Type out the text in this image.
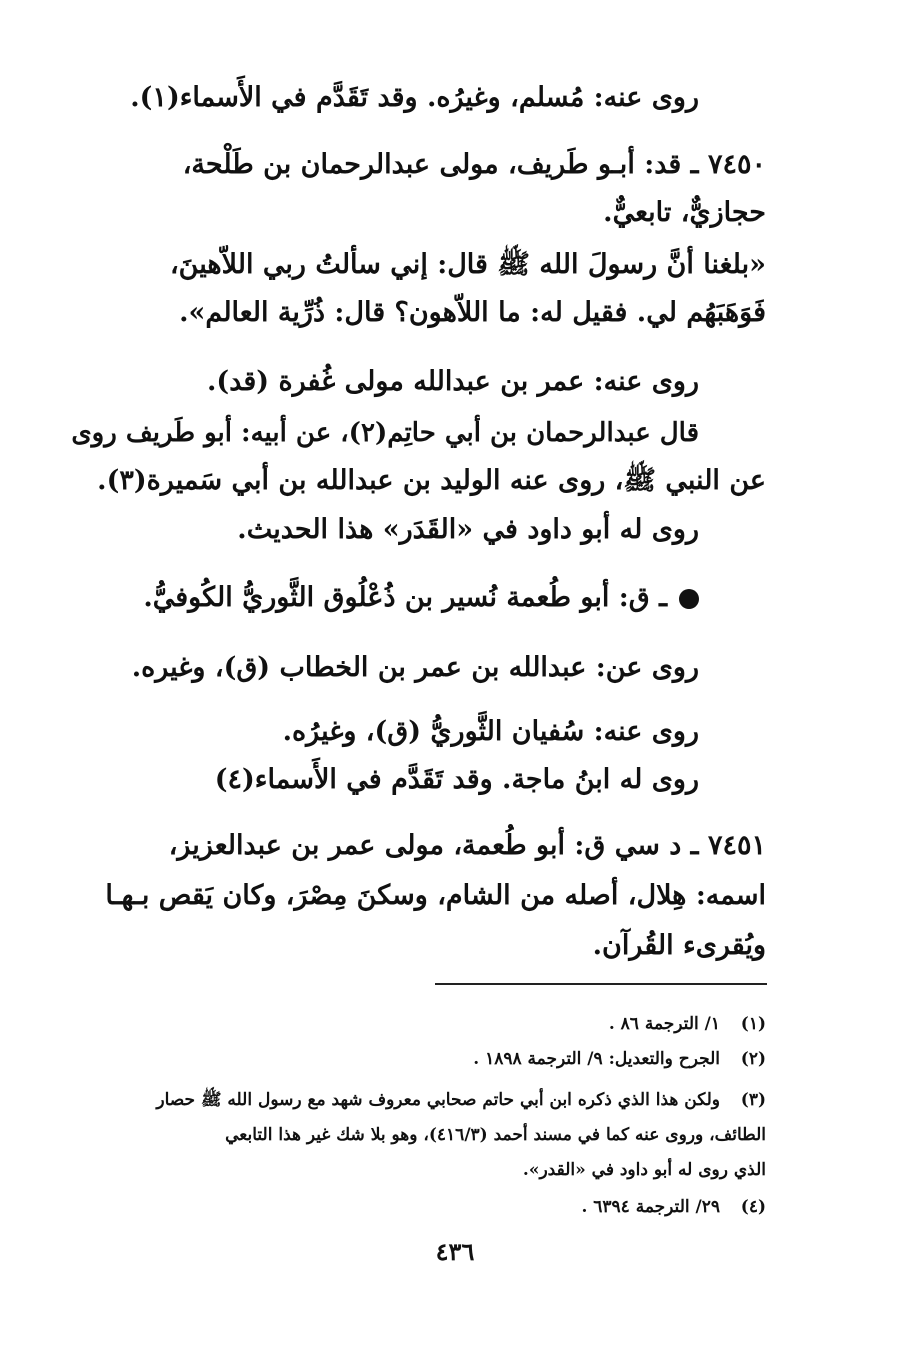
روى عنه: مُسلم، وغيرُه. وقد تَقَدَّم في الأَسماء(١).
٧٤٥٠ ـ قد: أبـو طَريف، مولى عبدالرحمان بن طَلْحة،
حجازيٌّ، تابعيٌّ.
«بلغنا أنَّ رسولَ الله ﷺ قال: إني سألتُ ربي اللاّهينَ،
فَوَهَبَهُم لي. فقيل له: ما اللاّهون؟ قال: ذُرِّية العالم».
روى عنه: عمر بن عبدالله مولى غُفرة (قد).
قال عبدالرحمان بن أبي حاتِم(٢)، عن أبيه: أبو طَريف روى
عن النبي ﷺ، روى عنه الوليد بن عبدالله بن أبي سَميرة(٣).
روى له أبو داود في «القَدَر» هذا الحديث.
ـ ق: أبو طُعمة نُسير بن ذُعْلُوق الثَّوريُّ الكُوفيُّ.
روى عن: عبدالله بن عمر بن الخطاب (ق)، وغيره.
روى عنه: سُفيان الثَّوريُّ (ق)، وغيرُه.
روى له ابنُ ماجة. وقد تَقَدَّم في الأَسماء(٤)
٧٤٥١ ـ د سي ق: أبو طُعمة، مولى عمر بن عبدالعزيز،
اسمه: هِلال، أصله من الشام، وسكنَ مِصْرَ، وكان يَقص بـهـا
ويُقرىء القُرآن.
(١)١/ الترجمة ٨٦ .
(٢)الجرح والتعديل: ٩/ الترجمة ١٨٩٨ .
(٣)ولكن هذا الذي ذكره ابن أبي حاتم صحابي معروف شهد مع رسول الله ﷺ حصار
الطائف، وروى عنه كما في مسند أحمد (٤١٦/٣)، وهو بلا شك غير هذا التابعي
الذي روى له أبو داود في «القدر».
(٤)٢٩/ الترجمة ٦٣٩٤ .
٤٣٦
